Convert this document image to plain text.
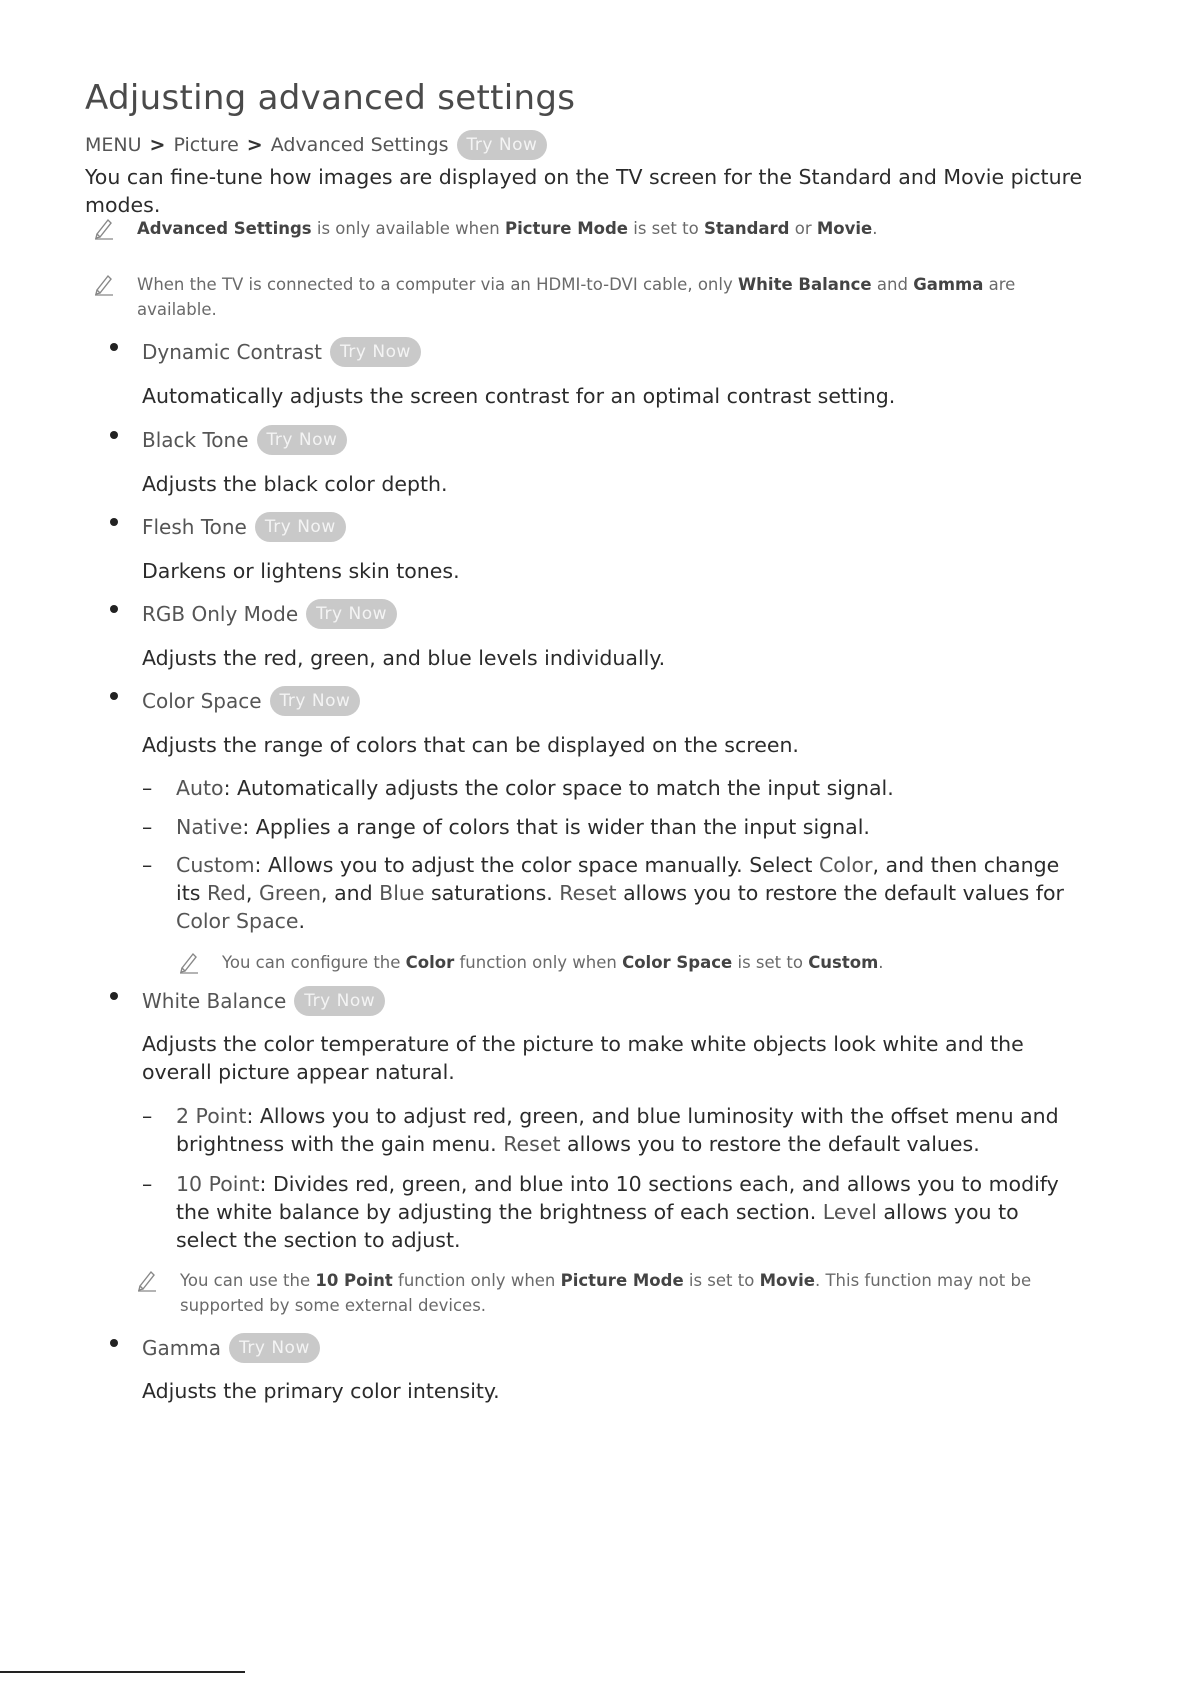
Adjusting advanced settings
MENU > Picture > Advanced Settings	Try Now

You can fine-tune how images are displayed on the TV screen for the Standard and Movie picture modes.

Advanced Settings is only available when Picture Mode is set to Standard or Movie.

When the TV is connected to a computer via an HDMI-to-DVI cable, only White Balance and Gamma are available.

Dynamic Contrast	Try Now

Automatically adjusts the screen contrast for an optimal contrast setting.

Black Tone	Try Now

Adjusts the black color depth.

Flesh Tone	Try Now

Darkens or lightens skin tones.

RGB Only Mode	Try Now

Adjusts the red, green, and blue levels individually.

Color Space	Try Now

Adjusts the range of colors that can be displayed on the screen.

– Auto: Automatically adjusts the color space to match the input signal.

– Native: Applies a range of colors that is wider than the input signal.

– Custom: Allows you to adjust the color space manually. Select Color, and then change its Red, Green, and Blue saturations. Reset allows you to restore the default values for Color Space.

You can configure the Color function only when Color Space is set to Custom.

White Balance	Try Now

Adjusts the color temperature of the picture to make white objects look white and the overall picture appear natural.

– 2 Point: Allows you to adjust red, green, and blue luminosity with the offset menu and brightness with the gain menu. Reset allows you to restore the default values.

– 10 Point: Divides red, green, and blue into 10 sections each, and allows you to modify the white balance by adjusting the brightness of each section. Level allows you to select the section to adjust.

You can use the 10 Point function only when Picture Mode is set to Movie. This function may not be supported by some external devices.

Gamma	Try Now

Adjusts the primary color intensity.
